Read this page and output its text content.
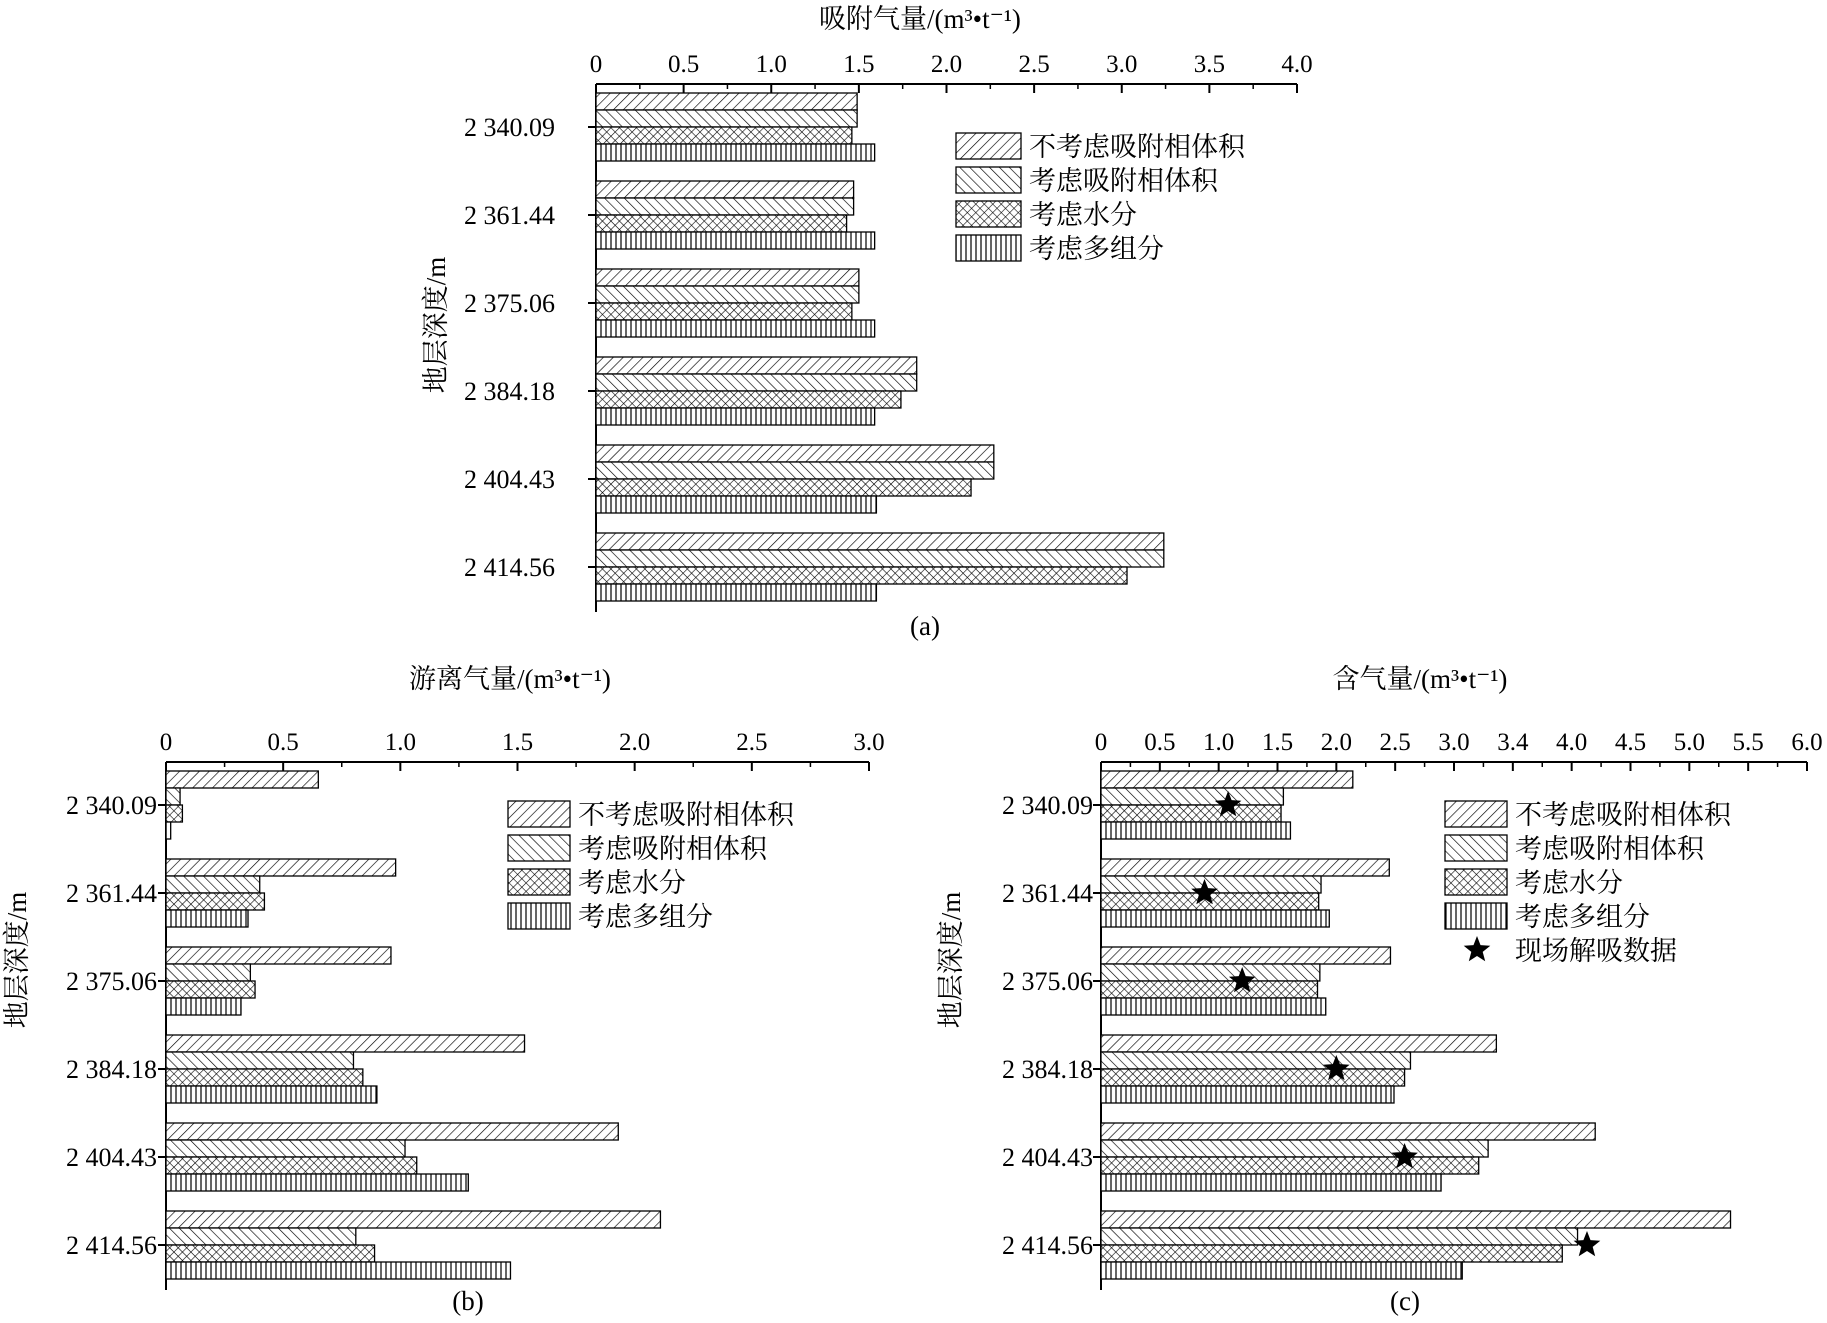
0	0.5 1.0 1.5 2.0 2.5 3.0 3.5 4.0
吸附气量/(m³•t⁻¹)
地层深度/m
2 340.09
2 361.44
2 375.06
2 384.18
2 404.43
2 414.56
不考虑吸附相体积
考虑吸附相体积
考虑水分
考虑多组分
(a)
0	0.5	1.0	1.5	2.0	2.5	3.0
游离气量/(m³•t⁻¹)
地层深度/m
2 340.09
2 361.44
2 375.06
2 384.18
2 404.43
2 414.56
不考虑吸附相体积
考虑吸附相体积
考虑水分
考虑多组分
(b)
0 0.5 1.0 1.5 2.0 2.5 3.0 3.4 4.0 4.5 5.0 5.5 6.0
含气量/(m³•t⁻¹)
地层深度/m
2 340.09
2 361.44
2 375.06
2 384.18
2 404.43
2 414.56
不考虑吸附相体积
考虑吸附相体积
考虑水分
考虑多组分
现场解吸数据
(c)
